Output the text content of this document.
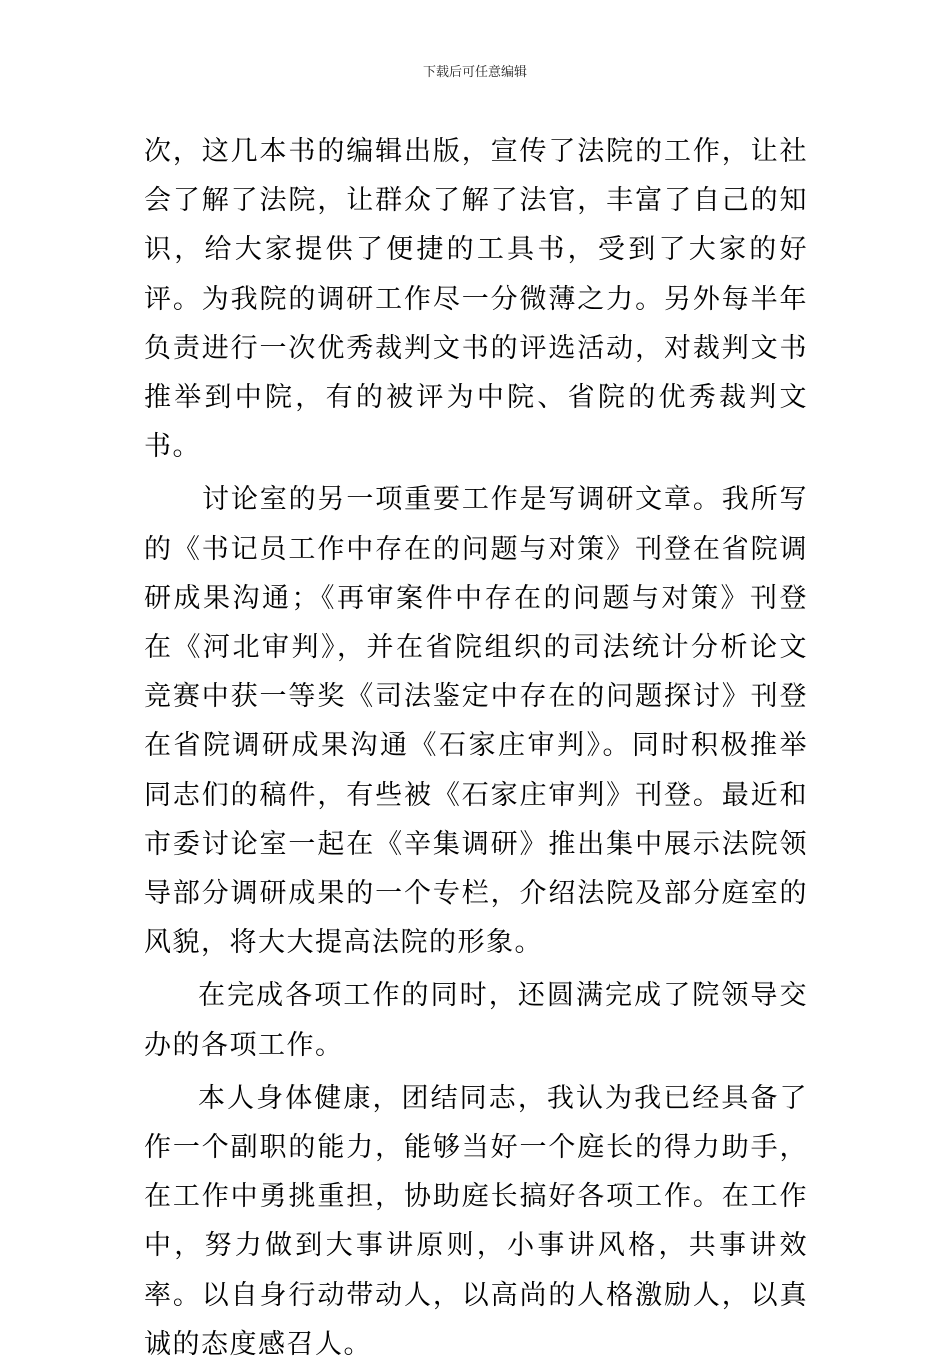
下载后可任意编辑

次，这几本书的编辑出版，宣传了法院的工作，让社会了解了法院，让群众了解了法官，丰富了自己的知识，给大家提供了便捷的工具书，受到了大家的好评。为我院的调研工作尽一分微薄之力。另外每半年负责进行一次优秀裁判文书的评选活动，对裁判文书推举到中院，有的被评为中院、省院的优秀裁判文书。

讨论室的另一项重要工作是写调研文章。我所写的《书记员工作中存在的问题与对策》刊登在省院调研成果沟通；《再审案件中存在的问题与对策》刊登在《河北审判》，并在省院组织的司法统计分析论文竞赛中获一等奖《司法鉴定中存在的问题探讨》刊登在省院调研成果沟通《石家庄审判》。同时积极推举同志们的稿件，有些被《石家庄审判》刊登。最近和市委讨论室一起在《辛集调研》推出集中展示法院领导部分调研成果的一个专栏，介绍法院及部分庭室的风貌，将大大提高法院的形象。

在完成各项工作的同时，还圆满完成了院领导交办的各项工作。

本人身体健康，团结同志，我认为我已经具备了作一个副职的能力，能够当好一个庭长的得力助手，在工作中勇挑重担，协助庭长搞好各项工作。在工作中，努力做到大事讲原则，小事讲风格，共事讲效率。以自身行动带动人，以高尚的人格激励人，以真诚的态度感召人。
